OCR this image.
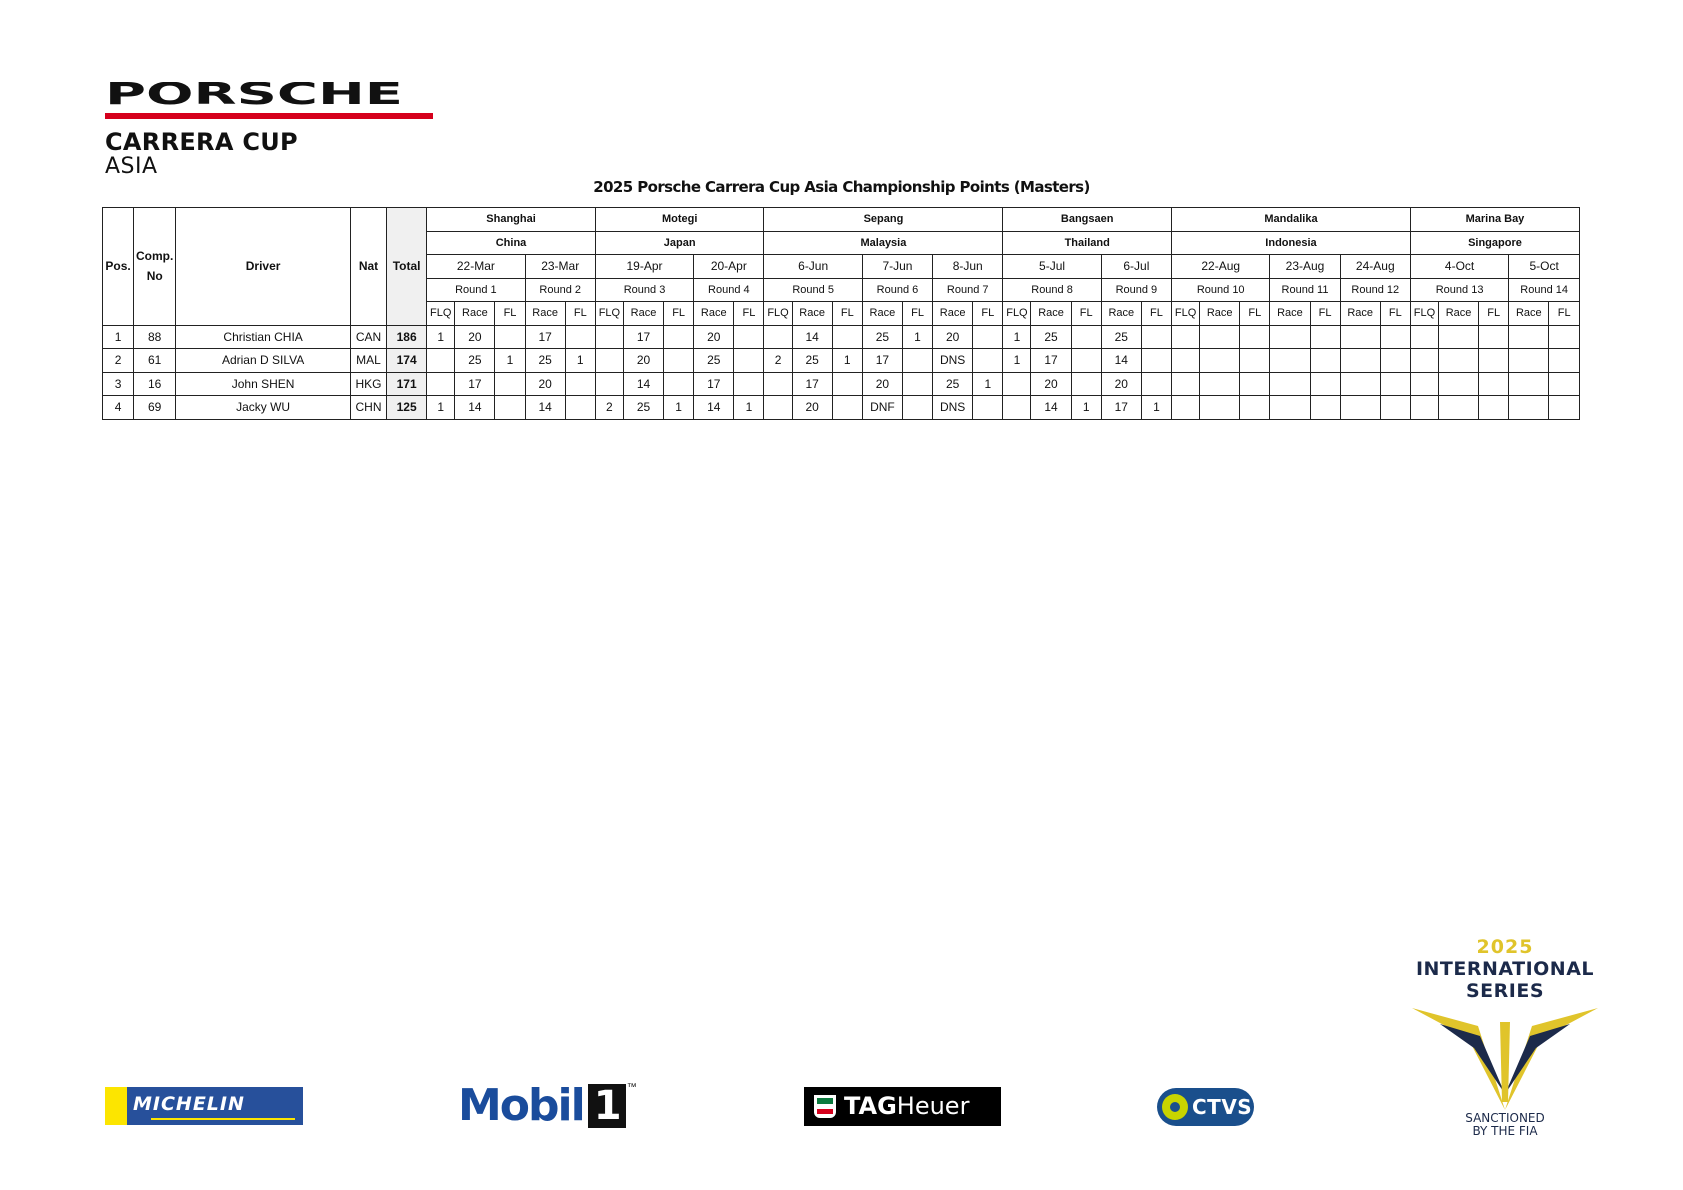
PORSCHE
CARRERA CUP
ASIA
2025 Porsche Carrera Cup Asia Championship Points (Masters)
Pos.	Comp. No	Driver	Nat	Total	Shanghai					Motegi					Sepang							Bangsaen					Mandalika							Marina Bay				
					China					Japan					Malaysia							Thailand					Indonesia							Singapore				
					22-Mar			23-Mar		19-Apr			20-Apr		6-Jun			7-Jun		8-Jun		5-Jul			6-Jul		22-Aug			23-Aug		24-Aug		4-Oct			5-Oct	
					Round 1			Round 2		Round 3			Round 4		Round 5			Round 6		Round 7		Round 8			Round 9		Round 10			Round 11		Round 12		Round 13			Round 14	
					FLQ	Race	FL	Race	FL	FLQ	Race	FL	Race	FL	FLQ	Race	FL	Race	FL	Race	FL	FLQ	Race	FL	Race	FL	FLQ	Race	FL	Race	FL	Race	FL	FLQ	Race	FL	Race	FL
1	88	Christian CHIA	CAN	186	1	20		17			17		20			14		25	1	20		1	25		25													
2	61	Adrian D SILVA	MAL	174		25	1	25	1		20		25		2	25	1	17		DNS		1	17		14													
3	16	John SHEN	HKG	171		17		20			14		17			17		20		25	1		20		20													
4	69	Jacky WU	CHN	125	1	14		14		2	25	1	14	1		20		DNF		DNS			14	1	17	1												
MICHELIN	Mobil 1 ™
TAGHeuer	CTVS
2025
INTERNATIONAL
SERIES
SANCTIONED
BY THE FIA
